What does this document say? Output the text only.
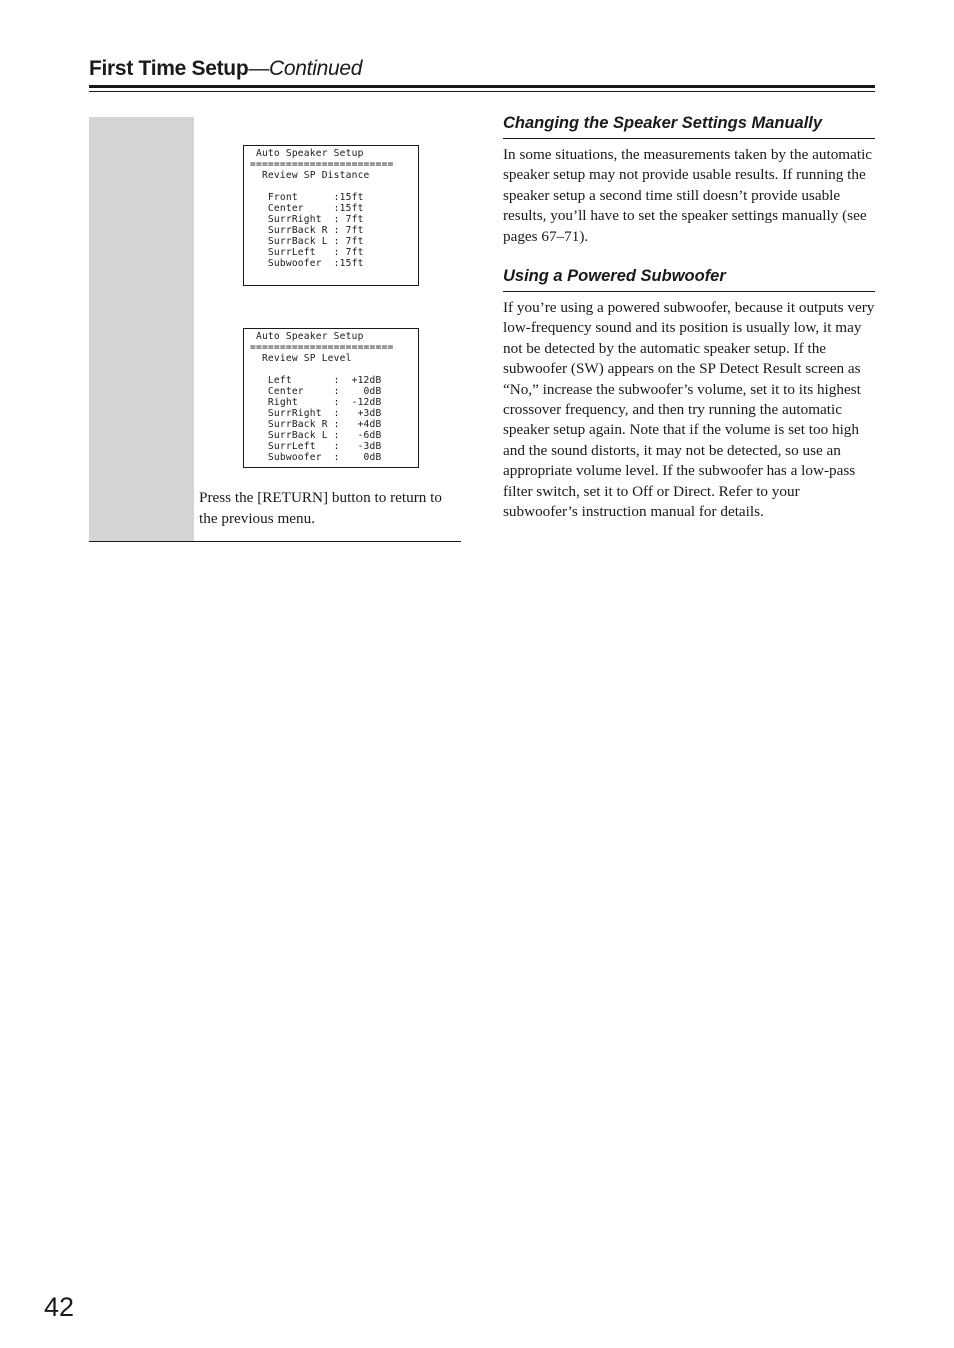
First Time Setup—Continued
Auto Speaker Setup
========================
Review SP Distance

Front      :15ft
Center     :15ft
SurrRight  : 7ft
SurrBack R : 7ft
SurrBack L : 7ft
SurrLeft   : 7ft
Subwoofer  :15ft
Auto Speaker Setup
========================
Review SP Level

Left       :  +12dB
Center     :    0dB
Right      :  -12dB
SurrRight  :   +3dB
SurrBack R :   +4dB
SurrBack L :   -6dB
SurrLeft   :   -3dB
Subwoofer  :    0dB
Press the [RETURN] button to return to the previous menu.
Changing the Speaker Settings Manually

In some situations, the measurements taken by the automatic speaker setup may not provide usable results. If running the speaker setup a second time still doesn’t provide usable results, you’ll have to set the speaker settings manually (see pages 67–71).

Using a Powered Subwoofer

If you’re using a powered subwoofer, because it outputs very low-frequency sound and its position is usually low, it may not be detected by the automatic speaker setup. If the subwoofer (SW) appears on the SP Detect Result screen as “No,” increase the subwoofer’s volume, set it to its highest crossover frequency, and then try running the automatic speaker setup again. Note that if the volume is set too high and the sound distorts, it may not be detected, so use an appropriate volume level. If the subwoofer has a low-pass filter switch, set it to Off or Direct. Refer to your subwoofer’s instruction manual for details.

42
